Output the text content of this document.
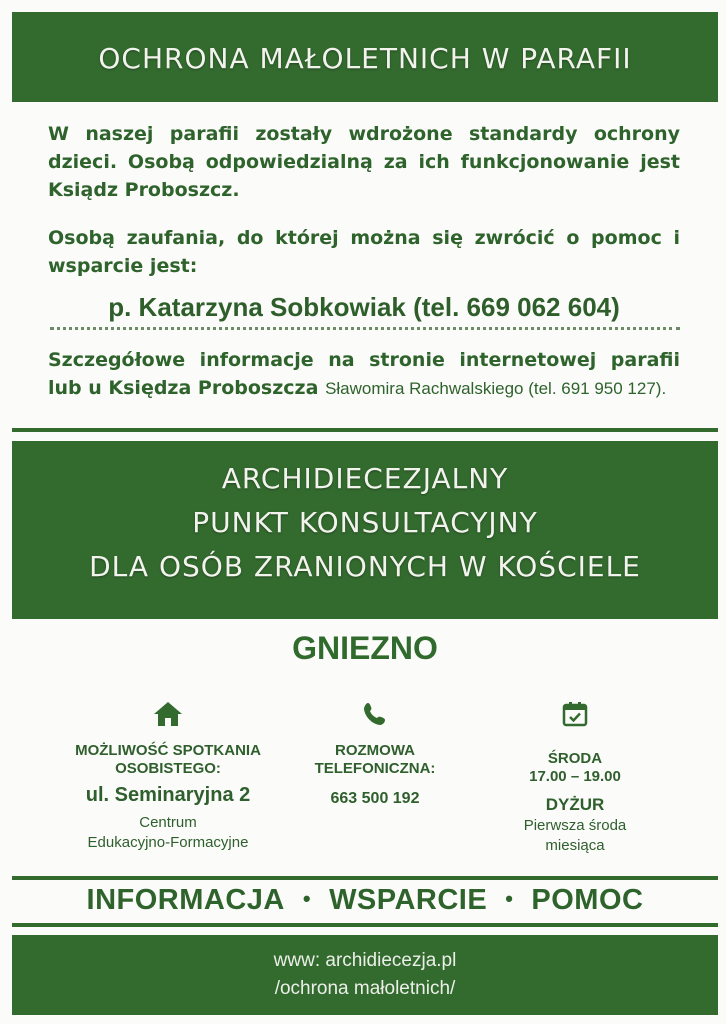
OCHRONA MAŁOLETNICH W PARAFII
W naszej parafii zostały wdrożone standardy ochrony dzieci. Osobą odpowiedzialną za ich funkcjonowanie jest Ksiądz Proboszcz.
Osobą zaufania, do której można się zwrócić o pomoc i wsparcie jest:
p. Katarzyna Sobkowiak (tel. 669 062 604)
Szczegółowe informacje na stronie internetowej parafii lub u Księdza Proboszcza Sławomira Rachwalskiego (tel. 691 950 127).
ARCHIDIECEZJALNY
PUNKT KONSULTACYJNY
DLA OSÓB ZRANIONYCH W KOŚCIELE
GNIEZNO
MOŻLIWOŚĆ SPOTKANIA
OSOBISTEGO:
ul. Seminaryjna 2
Centrum
Edukacyjno-Formacyjne
ROZMOWA
TELEFONICZNA:
663 500 192
ŚRODA
17.00 – 19.00
DYŻUR
Pierwsza środa
miesiąca
INFORMACJA • WSPARCIE • POMOC
www: archidiecezja.pl
/ochrona małoletnich/
